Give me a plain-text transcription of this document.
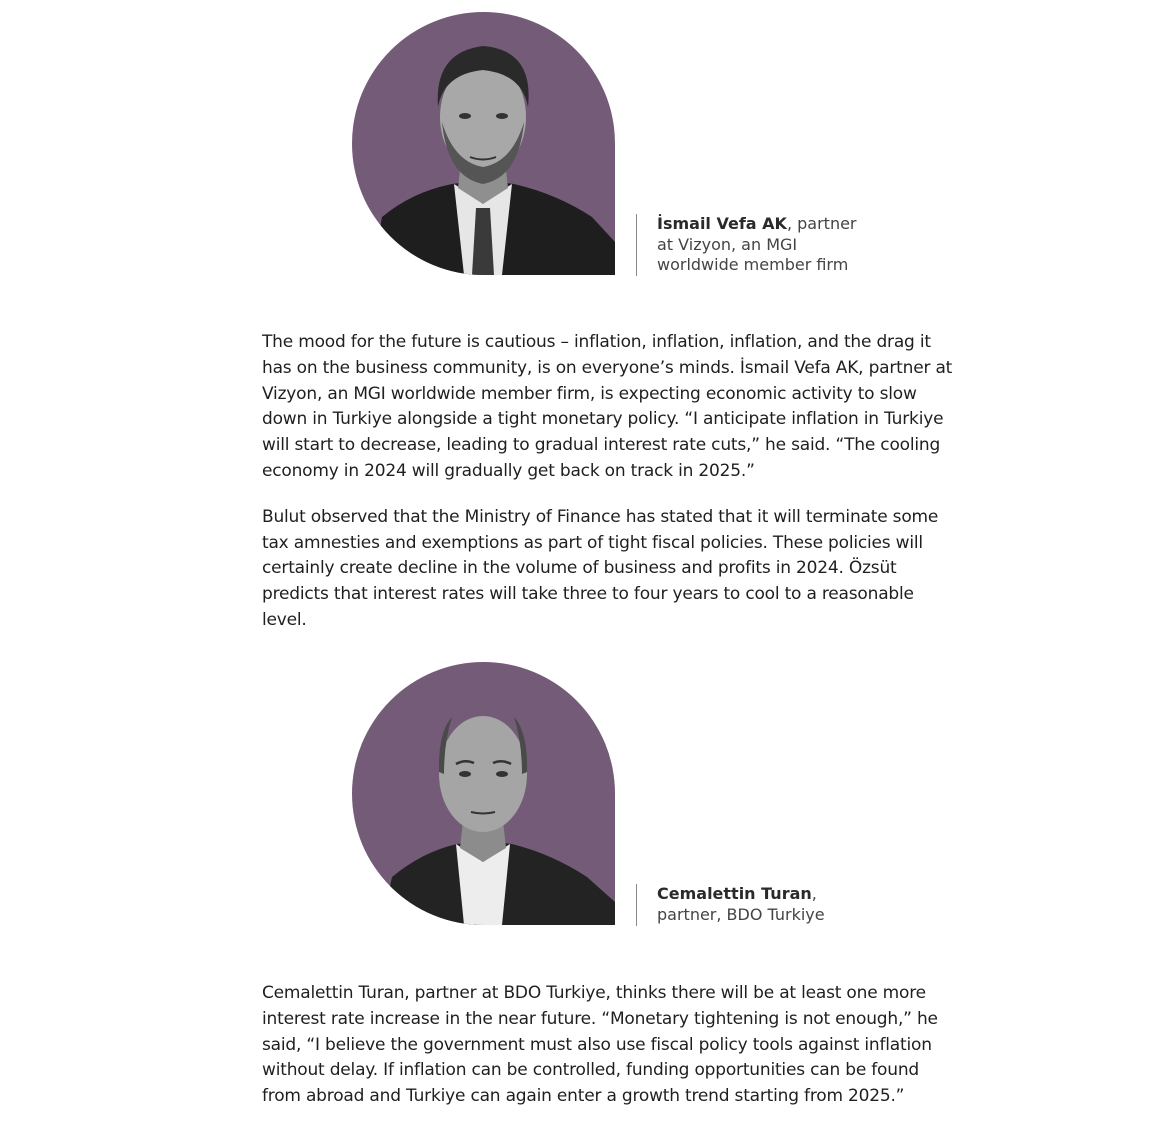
İsmail Vefa AK, partner
at Vizyon, an MGI
worldwide member firm

The mood for the future is cautious – inflation, inflation, inflation, and the drag it has on the business community, is on everyone’s minds. İsmail Vefa AK, partner at Vizyon, an MGI worldwide member firm, is expecting economic activity to slow down in Turkiye alongside a tight monetary policy. “I anticipate inflation in Turkiye will start to decrease, leading to gradual interest rate cuts,” he said. “The cooling economy in 2024 will gradually get back on track in 2025.”

Bulut observed that the Ministry of Finance has stated that it will terminate some tax amnesties and exemptions as part of tight fiscal policies. These policies will certainly create decline in the volume of business and profits in 2024. Özsüt predicts that interest rates will take three to four years to cool to a reasonable level.

Cemalettin Turan,
partner, BDO Turkiye

Cemalettin Turan, partner at BDO Turkiye, thinks there will be at least one more interest rate increase in the near future. “Monetary tightening is not enough,” he said, “I believe the government must also use fiscal policy tools against inflation without delay. If inflation can be controlled, funding opportunities can be found from abroad and Turkiye can again enter a growth trend starting from 2025.”
